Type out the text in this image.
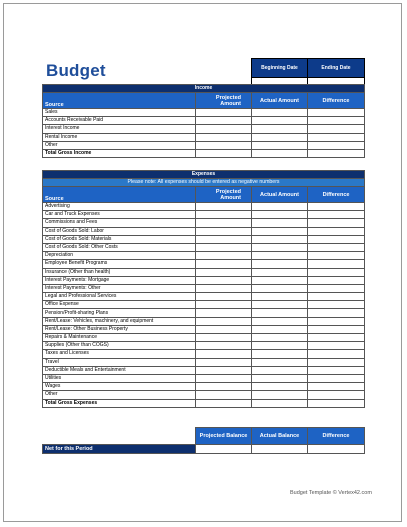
Budget	Beginning Date	Ending Date

Income			
Source	Projected Amount	Actual Amount	Difference
Sales			
Accounts Receivable Paid			
Interest Income			
Rental Income			
Other			
Total Gross Income			
Expenses			
Please note: All expenses should be entered as negative numbers			
Source	Projected Amount	Actual Amount	Difference
Advertising			
Car and Truck Expenses			
Commissions and Fees			
Cost of Goods Sold: Labor			
Cost of Goods Sold: Materials			
Cost of Goods Sold: Other Costs			
Depreciation			
Employee Benefit Programs			
Insurance (Other than health)			
Interest Payments: Mortgage			
Interest Payments: Other			
Legal and Professional Services			
Office Expense			
Pension/Profit-sharing Plans			
Rent/Lease: Vehicles, machinery, and equipment			
Rent/Lease: Other Business Property			
Repairs & Maintenance			
Supplies (Other than COGS)			
Taxes and Licenses			
Travel			
Deductible Meals and Entertainment			
Utilities			
Wages			
Other			
Total Gross Expenses			
Projected Balance	Actual Balance	Difference
Net for this Period			
Budget Template © Vertex42.com
